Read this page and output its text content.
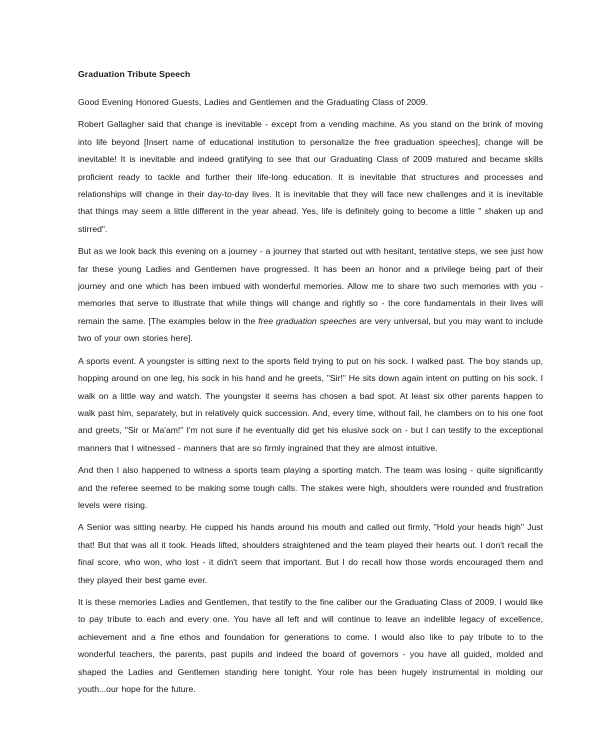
Graduation Tribute Speech

Good Evening Honored Guests, Ladies and Gentlemen and the Graduating Class of 2009.

Robert Gallagher said that change is inevitable - except from a vending machine. As you stand on the brink of moving into life beyond [Insert name of educational institution to personalize the free graduation speeches], change will be inevitable! It is inevitable and indeed gratifying to see that our Graduating Class of 2009 matured and became skills proficient ready to tackle and further their life-long education. It is inevitable that structures and processes and relationships will change in their day-to-day lives. It is inevitable that they will face new challenges and it is inevitable that things may seem a little different in the year ahead. Yes, life is definitely going to become a little " shaken up and stirred".

But as we look back this evening on a journey - a journey that started out with hesitant, tentative steps, we see just how far these young Ladies and Gentlemen have progressed. It has been an honor and a privilege being part of their journey and one which has been imbued with wonderful memories. Allow me to share two such memories with you - memories that serve to illustrate that while things will change and rightly so - the core fundamentals in their lives will remain the same. [The examples below in the free graduation speeches are very universal, but you may want to include two of your own stories here].

A sports event. A youngster is sitting next to the sports field trying to put on his sock. I walked past. The boy stands up, hopping around on one leg, his sock in his hand and he greets, "Sir!" He sits down again intent on putting on his sock. I walk on a little way and watch. The youngster it seems has chosen a bad spot. At least six other parents happen to walk past him, separately, but in relatively quick succession. And, every time, without fail, he clambers on to his one foot and greets, "Sir or Ma'am!" I'm not sure if he eventually did get his elusive sock on - but I can testify to the exceptional manners that I witnessed - manners that are so firmly ingrained that they are almost intuitive.

And then I also happened to witness a sports team playing a sporting match. The team was losing - quite significantly and the referee seemed to be making some tough calls. The stakes were high, shoulders were rounded and frustration levels were rising.

A Senior was sitting nearby. He cupped his hands around his mouth and called out firmly, "Hold your heads high" Just that! But that was all it took. Heads lifted, shoulders straightened and the team played their hearts out. I don't recall the final score, who won, who lost - it didn't seem that important. But I do recall how those words encouraged them and they played their best game ever.

It is these memories Ladies and Gentlemen, that testify to the fine caliber our the Graduating Class of 2009. I would like to pay tribute to each and every one. You have all left and will continue to leave an indelible legacy of excellence, achievement and a fine ethos and foundation for generations to come. I would also like to pay tribute to to the wonderful teachers, the parents, past pupils and indeed the board of governors - you have all guided, molded and shaped the Ladies and Gentlemen standing here tonight. Your role has been hugely instrumental in molding our youth...our hope for the future.
